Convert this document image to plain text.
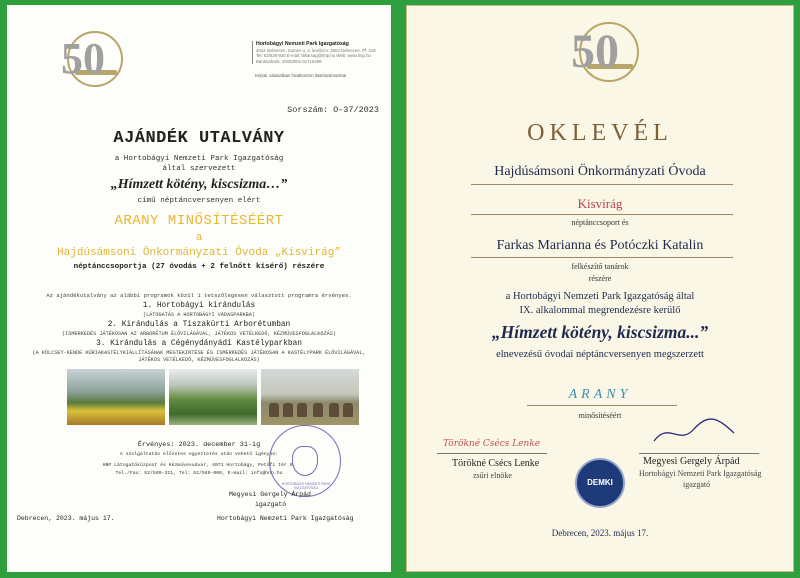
50	Hortobágyi Nemzeti Park Igazgatóság
4024 Debrecen, Sumen u. 2. levélcím: 4002 Debrecen, Pf. 216
Tel: 52/529-920 E-mail: titkarsag@hnp.hu Web: www.hnp.hu
Bankszámla: 10033001-01715488
Kérjük, válaszában hivatkozzon iktatószámunkra!
Sorszám: O-37/2023
AJÁNDÉK UTALVÁNY
a Hortobágyi Nemzeti Park Igazgatóság
által szervezett
„Hímzett kötény, kiscsizma…”
című néptáncversenyen elért
ARANY MINŐSÍTÉSÉÉRT
a
Hajdúsámsoni Önkormányzati Óvoda „Kisvirág”
néptánccsoportja (27 óvodás + 2 felnőtt kísérő) részére
Az ajándékutalvány az alábbi programok közül 1 tetszőlegesen választott programra érvényes.
1. Hortobágyi kirándulás
(LÁTOGATÁS A HORTOBÁGYI VADASPARKBA)
2. Kirándulás a Tiszakürti Arborétumban
(ISMERKEDÉS JÁTÉKOSAN AZ ARBORÉTUM ÉLŐVILÁGÁVAL, JÁTÉKOS VETÉLKEDŐ, KÉZMŰVESFOGLALKOZÁS)
3. Kirándulás a Cégénydányádi Kastélyparkban
(A KÖLCSEY-KENDE KÚRIAKASTÉLYKIÁLLÍTÁSÁNAK MEGTEKINTÉSE ÉS ISMERKEDÉS JÁTÉKOSAN A KASTÉLYPARK ÉLŐVILÁGÁVAL,
JÁTÉKOS VETÉLKEDŐ, KÉZMŰVESFOGLALKOZÁS)
Érvényes: 2023. december 31-ig
A szolgáltatás előzetes egyeztetés után vehető igénybe:
HNP Látogatóközpont és Kézművesudvar, 4071 Hortobágy, Petőfi tér 9.
Tel./Fax: 52/589-321, Tel: 52/589-000, E-mail: info@hnp.hu
HORTOBÁGYI NEMZETI PARK IGAZGATÓSÁG
Megyesi Gergely Árpád
igazgató
Debrecen, 2023. május 17.	Hortobágyi Nemzeti Park Igazgatóság
50
OKLEVÉL
Hajdúsámsoni Önkormányzati Óvoda
Kisvirág
néptánccsoport és
Farkas Marianna és Potóczki Katalin
felkészítő tanárok
részére
a Hortobágyi Nemzeti Park Igazgatóság által
IX. alkalommal megrendezésre kerülő
„Hímzett kötény, kiscsizma...”
elnevezésű óvodai néptáncversenyen megszerzett
ARANY
minősítéséért
Törökné Csécs Lenke
Törökné Csécs Lenke
zsűri elnöke
DEMKI
Megyesi Gergely Árpád
Hortobágyi Nemzeti Park Igazgatóság
igazgató
Debrecen, 2023. május 17.
